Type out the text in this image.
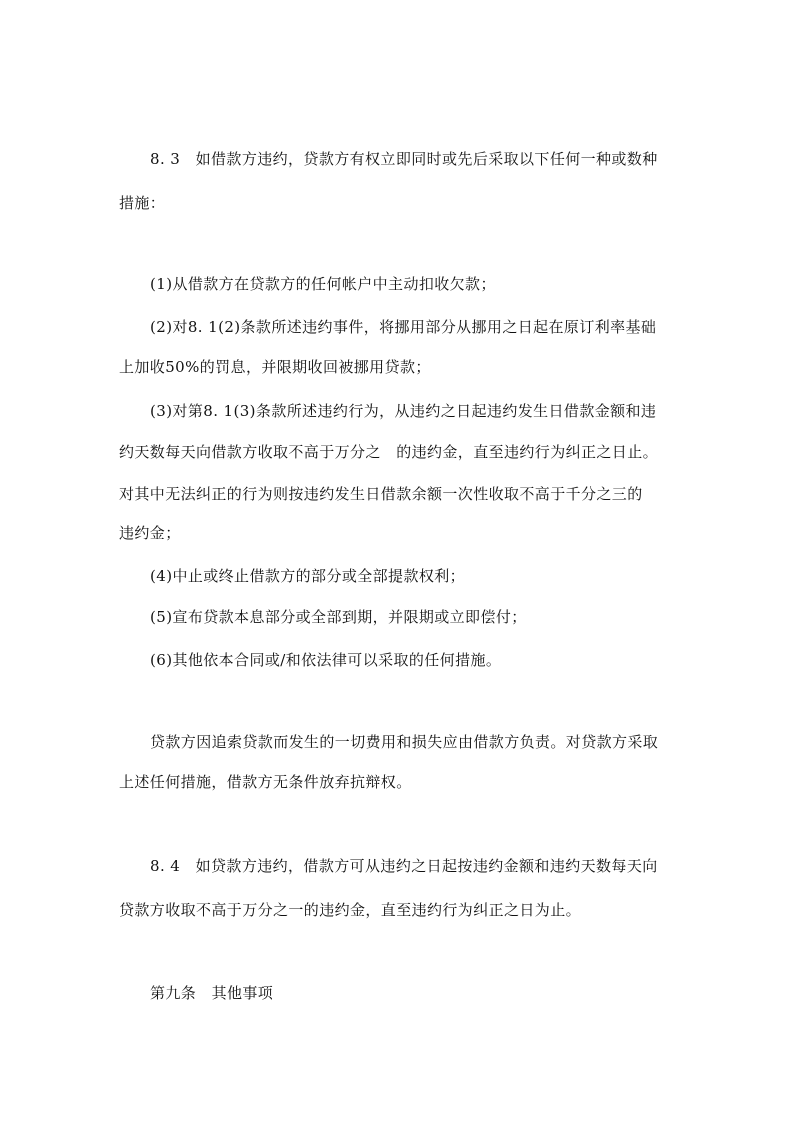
8. 3　如借款方违约，贷款方有权立即同时或先后采取以下任何一种或数种
措施：
(1)从借款方在贷款方的任何帐户中主动扣收欠款；
(2)对8. 1(2)条款所述违约事件，将挪用部分从挪用之日起在原订利率基础
上加收50%的罚息，并限期收回被挪用贷款；
(3)对第8. 1(3)条款所述违约行为，从违约之日起违约发生日借款金额和违
约天数每天向借款方收取不高于万分之　的违约金，直至违约行为纠正之日止。
对其中无法纠正的行为则按违约发生日借款余额一次性收取不高于千分之三的
违约金；
(4)中止或终止借款方的部分或全部提款权利；
(5)宣布贷款本息部分或全部到期，并限期或立即偿付；
(6)其他依本合同或/和依法律可以采取的任何措施。
贷款方因追索贷款而发生的一切费用和损失应由借款方负责。对贷款方采取
上述任何措施，借款方无条件放弃抗辩权。
8. 4　如贷款方违约，借款方可从违约之日起按违约金额和违约天数每天向
贷款方收取不高于万分之一的违约金，直至违约行为纠正之日为止。
第九条　其他事项
